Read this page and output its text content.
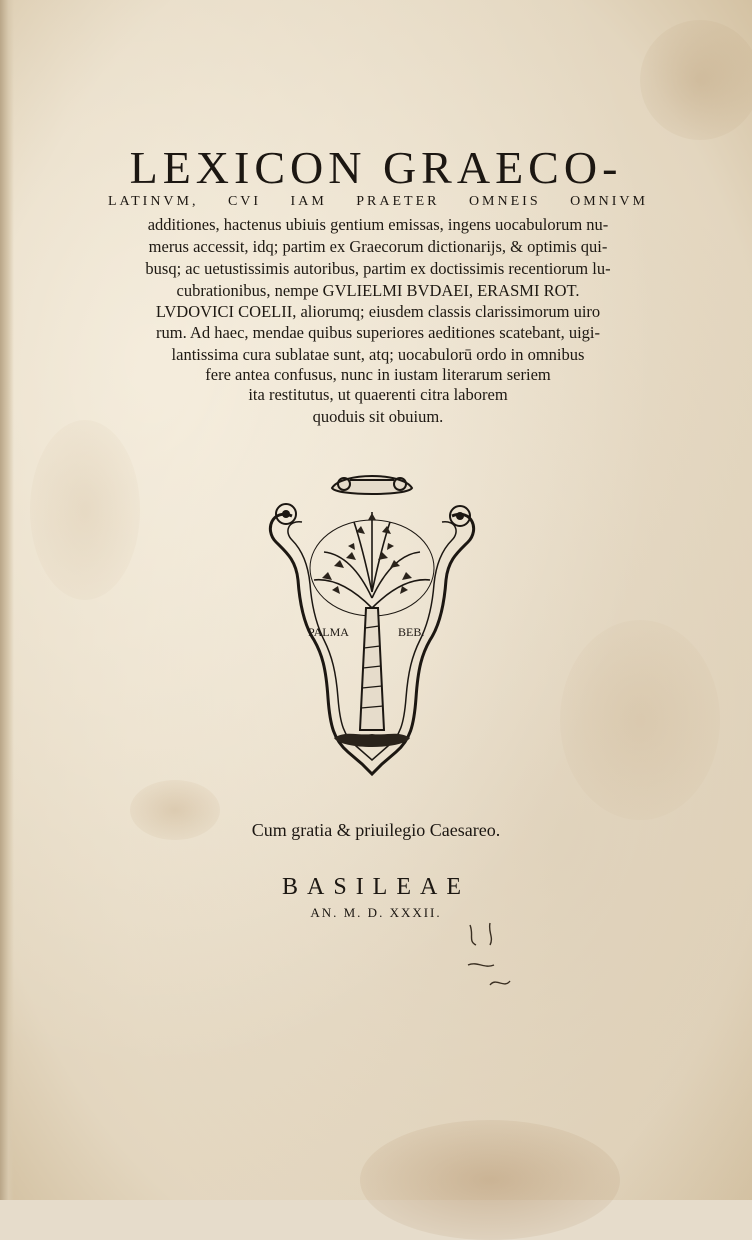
LEXICON GRAECO-
LATINVM, CVI IAM PRAETER OMNEIS OMNIVM
additiones, hactenus ubiuis gentium emissas, ingens uocabulorum nu-
merus accessit, idq; partim ex Graecorum dictionarijs, & optimis qui-
busq; ac uetustissimis autoribus, partim ex doctissimis recentiorum lu-
cubrationibus, nempe GVLIELMI BVDAEI, ERASMI ROT.
LVDOVICI COELII, aliorumq; eiusdem classis clarissimorum uiro
rum. Ad haec, mendae quibus superiores aeditiones scatebant, uigi-
lantissima cura sublatae sunt, atq; uocabulorū ordo in omnibus
fere antea confusus, nunc in iustam literarum seriem
ita restitutus, ut quaerenti citra laborem
quoduis sit obuium.
PALMA	BEB.
Cum gratia & priuilegio Caesareo.
BASILEAE
AN. M. D. XXXII.
